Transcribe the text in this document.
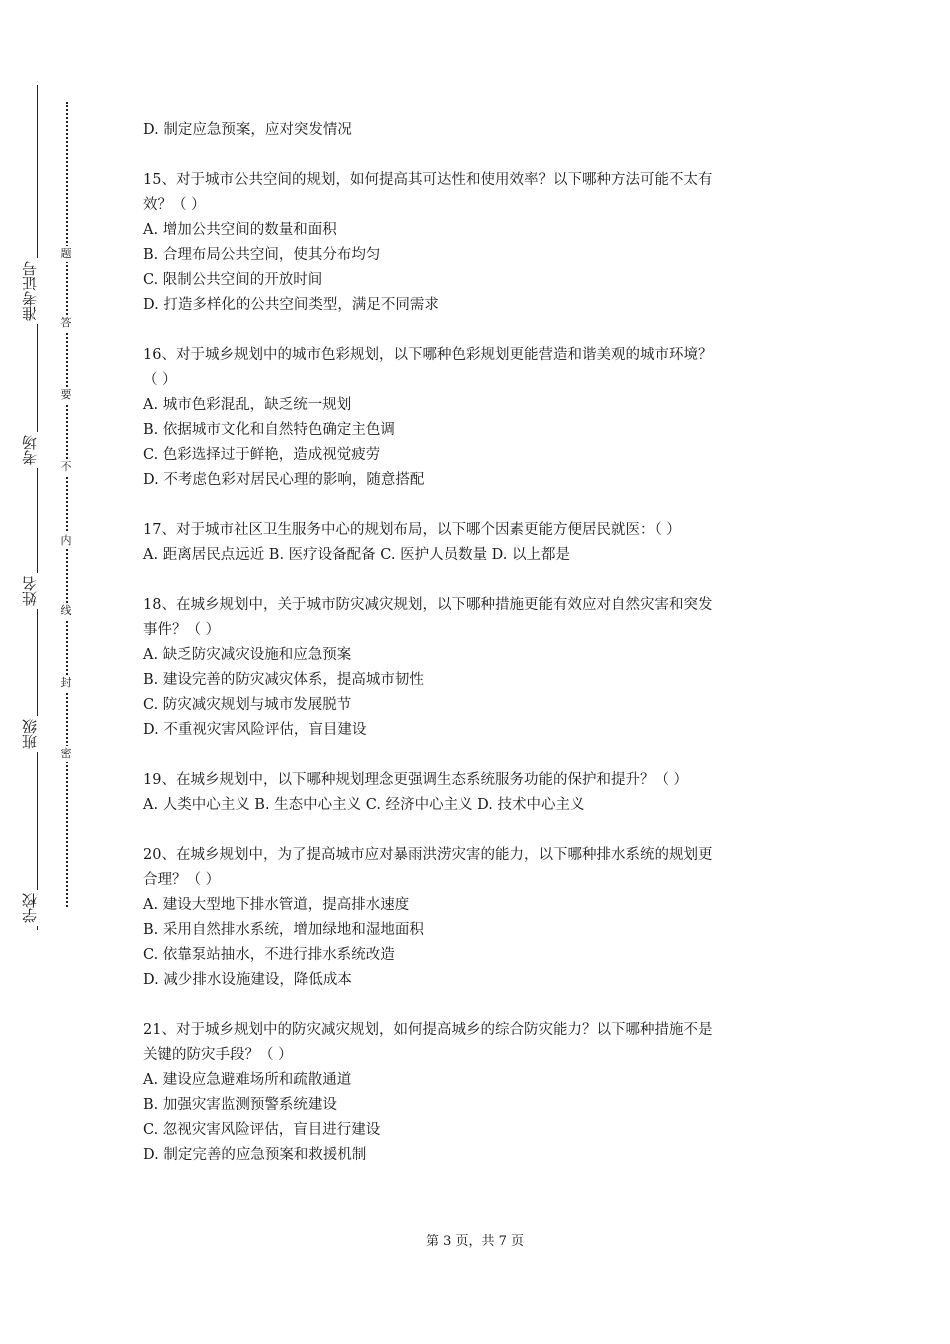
准考证号
考场
姓名
班级
学校
题
答
要
不
内
线
封
密
D. 制定应急预案，应对突发情况
15、对于城市公共空间的规划，如何提高其可达性和使用效率？以下哪种方法可能不太有
效？（ ）
A. 增加公共空间的数量和面积
B. 合理布局公共空间，使其分布均匀
C. 限制公共空间的开放时间
D. 打造多样化的公共空间类型，满足不同需求
16、对于城乡规划中的城市色彩规划，以下哪种色彩规划更能营造和谐美观的城市环境？
（ ）
A. 城市色彩混乱，缺乏统一规划
B. 依据城市文化和自然特色确定主色调
C. 色彩选择过于鲜艳，造成视觉疲劳
D. 不考虑色彩对居民心理的影响，随意搭配
17、对于城市社区卫生服务中心的规划布局，以下哪个因素更能方便居民就医：（ ）
A. 距离居民点远近 B. 医疗设备配备 C. 医护人员数量 D. 以上都是
18、在城乡规划中，关于城市防灾减灾规划，以下哪种措施更能有效应对自然灾害和突发
事件？（ ）
A. 缺乏防灾减灾设施和应急预案
B. 建设完善的防灾减灾体系，提高城市韧性
C. 防灾减灾规划与城市发展脱节
D. 不重视灾害风险评估，盲目建设
19、在城乡规划中，以下哪种规划理念更强调生态系统服务功能的保护和提升？（ ）
A. 人类中心主义 B. 生态中心主义 C. 经济中心主义 D. 技术中心主义
20、在城乡规划中，为了提高城市应对暴雨洪涝灾害的能力，以下哪种排水系统的规划更
合理？（ ）
A. 建设大型地下排水管道，提高排水速度
B. 采用自然排水系统，增加绿地和湿地面积
C. 依靠泵站抽水，不进行排水系统改造
D. 减少排水设施建设，降低成本
21、对于城乡规划中的防灾减灾规划，如何提高城乡的综合防灾能力？以下哪种措施不是
关键的防灾手段？（ ）
A. 建设应急避难场所和疏散通道
B. 加强灾害监测预警系统建设
C. 忽视灾害风险评估，盲目进行建设
D. 制定完善的应急预案和救援机制
第 3 页，共 7 页
